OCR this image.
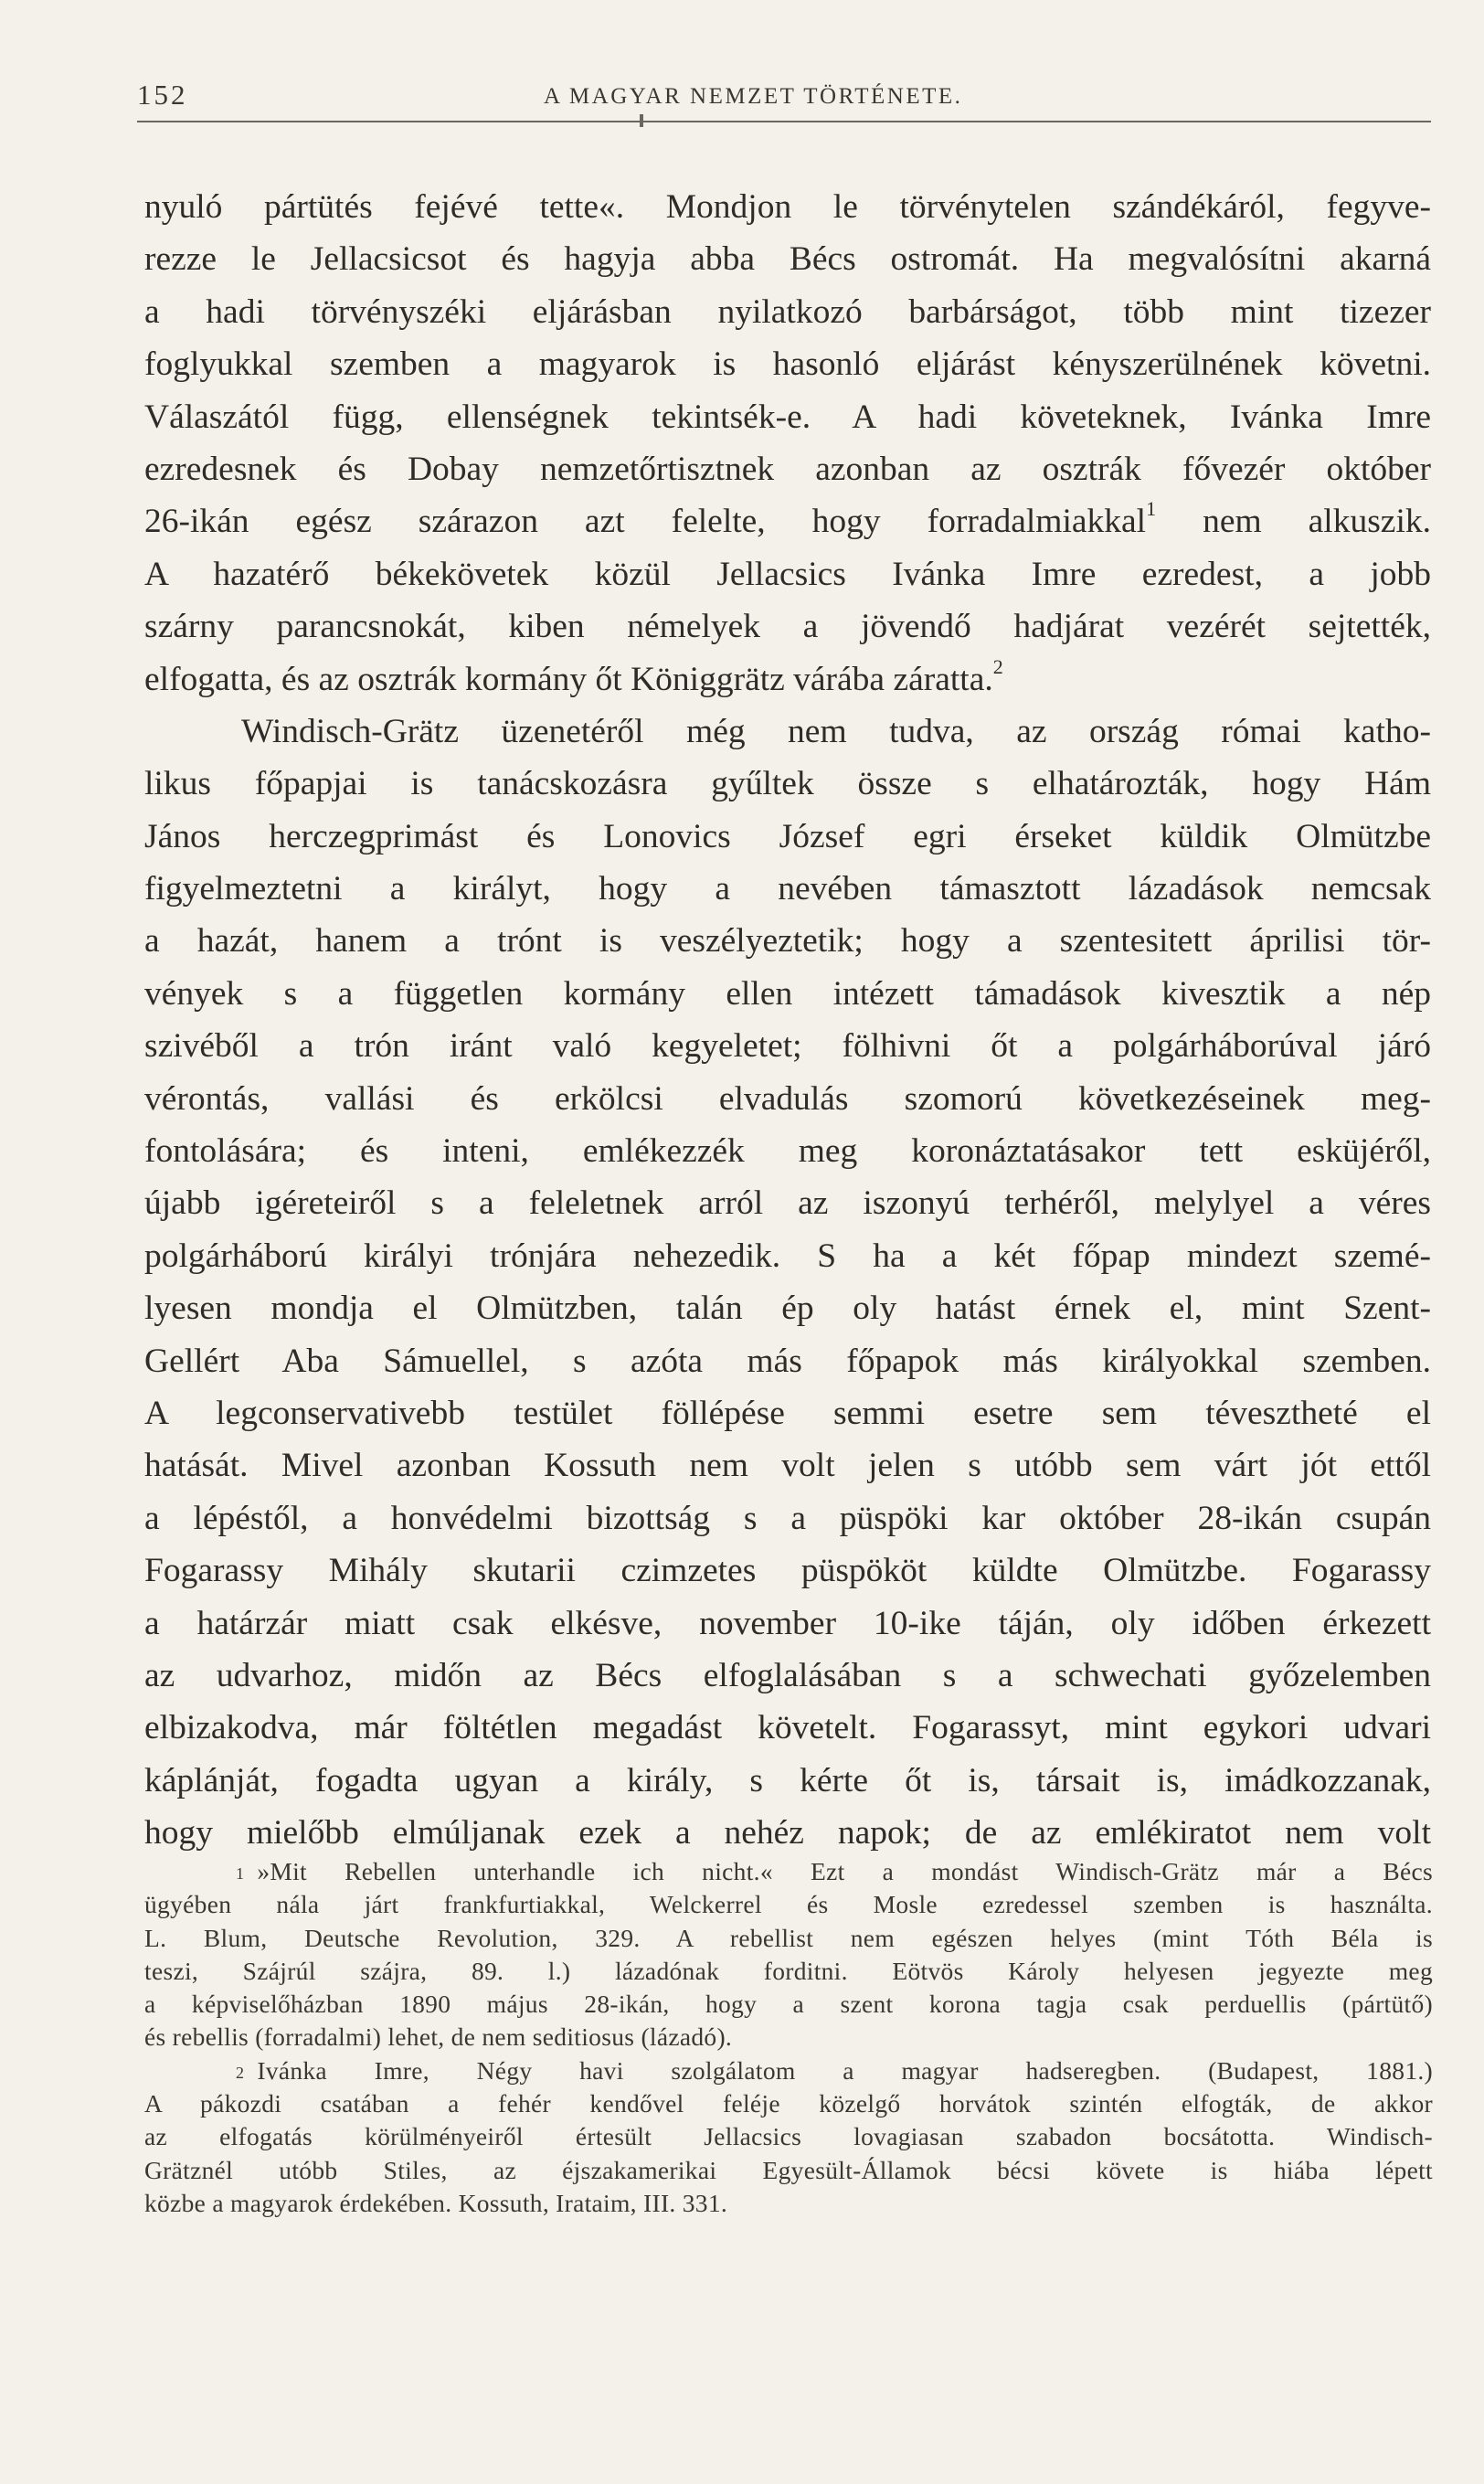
152	A MAGYAR NEMZET TÖRTÉNETE.
nyuló pártütés fejévé tette«. Mondjon le törvénytelen szándékáról, fegyve-
rezze le Jellacsicsot és hagyja abba Bécs ostromát. Ha megvalósítni akarná
a hadi törvényszéki eljárásban nyilatkozó barbárságot, több mint tizezer
foglyukkal szemben a magyarok is hasonló eljárást kényszerülnének követni.
Válaszától függ, ellenségnek tekintsék-e. A hadi követeknek, Ivánka Imre
ezredesnek és Dobay nemzetőrtisztnek azonban az osztrák fővezér október
26-ikán egész szárazon azt felelte, hogy forradalmiakkal$^1$ nem alkuszik.
A hazatérő békekövetek közül Jellacsics Ivánka Imre ezredest, a jobb
szárny parancsnokát, kiben némelyek a jövendő hadjárat vezérét sejtették,
elfogatta, és az osztrák kormány őt Königgrätz várába záratta.$^2$
Windisch-Grätz üzenetéről még nem tudva, az ország római katho-
likus főpapjai is tanácskozásra gyűltek össze s elhatározták, hogy Hám
János herczegprimást és Lonovics József egri érseket küldik Olmützbe
figyelmeztetni a királyt, hogy a nevében támasztott lázadások nemcsak
a hazát, hanem a trónt is veszélyeztetik; hogy a szentesitett áprilisi tör-
vények s a független kormány ellen intézett támadások kivesztik a nép
szivéből a trón iránt való kegyeletet; fölhivni őt a polgárháborúval járó
vérontás, vallási és erkölcsi elvadulás szomorú következéseinek meg-
fontolására; és inteni, emlékezzék meg koronáztatásakor tett esküjéről,
újabb igéreteiről s a feleletnek arról az iszonyú terhéről, melylyel a véres
polgárháború királyi trónjára nehezedik. S ha a két főpap mindezt szemé-
lyesen mondja el Olmützben, talán ép oly hatást érnek el, mint Szent-
Gellért Aba Sámuellel, s azóta más főpapok más királyokkal szemben.
A legconservativebb testület föllépése semmi esetre sem tévesztheté el
hatását. Mivel azonban Kossuth nem volt jelen s utóbb sem várt jót ettől
a lépéstől, a honvédelmi bizottság s a püspöki kar október 28-ikán csupán
Fogarassy Mihály skutarii czimzetes püspököt küldte Olmützbe. Fogarassy
a határzár miatt csak elkésve, november 10-ike táján, oly időben érkezett
az udvarhoz, midőn az Bécs elfoglalásában s a schwechati győzelemben
elbizakodva, már föltétlen megadást követelt. Fogarassyt, mint egykori udvari
káplánját, fogadta ugyan a király, s kérte őt is, társait is, imádkozzanak,
hogy mielőbb elmúljanak ezek a nehéz napok; de az emlékiratot nem volt
$^1$ »Mit Rebellen unterhandle ich nicht.« Ezt a mondást Windisch-Grätz már a Bécs
ügyében nála járt frankfurtiakkal, Welckerrel és Mosle ezredessel szemben is használta.
L. Blum, Deutsche Revolution, 329. A rebellist nem egészen helyes (mint Tóth Béla is
teszi, Szájrúl szájra, 89. l.) lázadónak forditni. Eötvös Károly helyesen jegyezte meg
a képviselőházban 1890 május 28-ikán, hogy a szent korona tagja csak perduellis (pártütő)
és rebellis (forradalmi) lehet, de nem seditiosus (lázadó).
$^2$ Ivánka Imre, Négy havi szolgálatom a magyar hadseregben. (Budapest, 1881.)
A pákozdi csatában a fehér kendővel feléje közelgő horvátok szintén elfogták, de akkor
az elfogatás körülményeiről értesült Jellacsics lovagiasan szabadon bocsátotta. Windisch-
Grätznél utóbb Stiles, az éjszakamerikai Egyesült-Államok bécsi követe is hiába lépett
közbe a magyarok érdekében. Kossuth, Irataim, III. 331.
